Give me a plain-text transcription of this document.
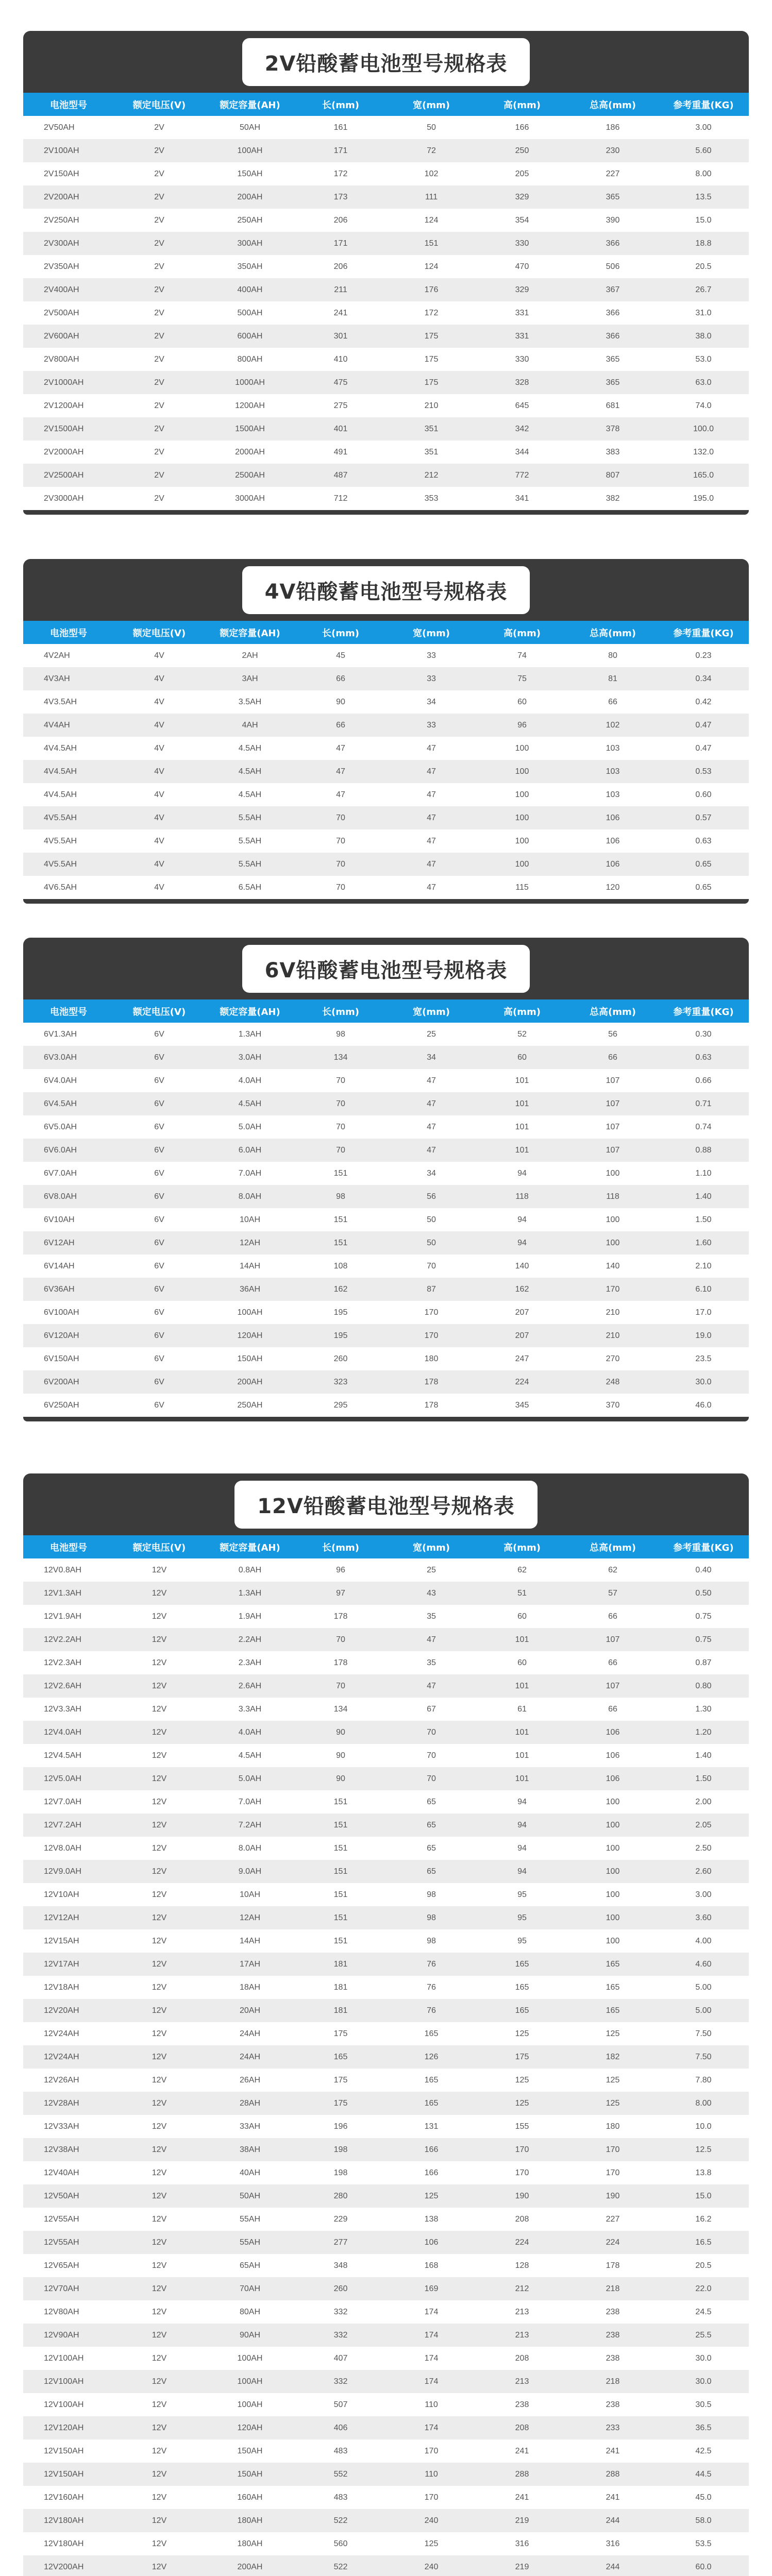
2V铅酸蓄电池型号规格表
电池型号	额定电压(V)	额定容量(AH)	长(mm)	宽(mm)	高(mm)	总高(mm)	参考重量(KG)
2V50AH	2V	50AH	161	50	166	186	3.00
2V100AH	2V	100AH	171	72	250	230	5.60
2V150AH	2V	150AH	172	102	205	227	8.00
2V200AH	2V	200AH	173	111	329	365	13.5
2V250AH	2V	250AH	206	124	354	390	15.0
2V300AH	2V	300AH	171	151	330	366	18.8
2V350AH	2V	350AH	206	124	470	506	20.5
2V400AH	2V	400AH	211	176	329	367	26.7
2V500AH	2V	500AH	241	172	331	366	31.0
2V600AH	2V	600AH	301	175	331	366	38.0
2V800AH	2V	800AH	410	175	330	365	53.0
2V1000AH	2V	1000AH	475	175	328	365	63.0
2V1200AH	2V	1200AH	275	210	645	681	74.0
2V1500AH	2V	1500AH	401	351	342	378	100.0
2V2000AH	2V	2000AH	491	351	344	383	132.0
2V2500AH	2V	2500AH	487	212	772	807	165.0
2V3000AH	2V	3000AH	712	353	341	382	195.0
4V铅酸蓄电池型号规格表
电池型号	额定电压(V)	额定容量(AH)	长(mm)	宽(mm)	高(mm)	总高(mm)	参考重量(KG)
4V2AH	4V	2AH	45	33	74	80	0.23
4V3AH	4V	3AH	66	33	75	81	0.34
4V3.5AH	4V	3.5AH	90	34	60	66	0.42
4V4AH	4V	4AH	66	33	96	102	0.47
4V4.5AH	4V	4.5AH	47	47	100	103	0.47
4V4.5AH	4V	4.5AH	47	47	100	103	0.53
4V4.5AH	4V	4.5AH	47	47	100	103	0.60
4V5.5AH	4V	5.5AH	70	47	100	106	0.57
4V5.5AH	4V	5.5AH	70	47	100	106	0.63
4V5.5AH	4V	5.5AH	70	47	100	106	0.65
4V6.5AH	4V	6.5AH	70	47	115	120	0.65
6V铅酸蓄电池型号规格表
电池型号	额定电压(V)	额定容量(AH)	长(mm)	宽(mm)	高(mm)	总高(mm)	参考重量(KG)
6V1.3AH	6V	1.3AH	98	25	52	56	0.30
6V3.0AH	6V	3.0AH	134	34	60	66	0.63
6V4.0AH	6V	4.0AH	70	47	101	107	0.66
6V4.5AH	6V	4.5AH	70	47	101	107	0.71
6V5.0AH	6V	5.0AH	70	47	101	107	0.74
6V6.0AH	6V	6.0AH	70	47	101	107	0.88
6V7.0AH	6V	7.0AH	151	34	94	100	1.10
6V8.0AH	6V	8.0AH	98	56	118	118	1.40
6V10AH	6V	10AH	151	50	94	100	1.50
6V12AH	6V	12AH	151	50	94	100	1.60
6V14AH	6V	14AH	108	70	140	140	2.10
6V36AH	6V	36AH	162	87	162	170	6.10
6V100AH	6V	100AH	195	170	207	210	17.0
6V120AH	6V	120AH	195	170	207	210	19.0
6V150AH	6V	150AH	260	180	247	270	23.5
6V200AH	6V	200AH	323	178	224	248	30.0
6V250AH	6V	250AH	295	178	345	370	46.0
12V铅酸蓄电池型号规格表
电池型号	额定电压(V)	额定容量(AH)	长(mm)	宽(mm)	高(mm)	总高(mm)	参考重量(KG)
12V0.8AH	12V	0.8AH	96	25	62	62	0.40
12V1.3AH	12V	1.3AH	97	43	51	57	0.50
12V1.9AH	12V	1.9AH	178	35	60	66	0.75
12V2.2AH	12V	2.2AH	70	47	101	107	0.75
12V2.3AH	12V	2.3AH	178	35	60	66	0.87
12V2.6AH	12V	2.6AH	70	47	101	107	0.80
12V3.3AH	12V	3.3AH	134	67	61	66	1.30
12V4.0AH	12V	4.0AH	90	70	101	106	1.20
12V4.5AH	12V	4.5AH	90	70	101	106	1.40
12V5.0AH	12V	5.0AH	90	70	101	106	1.50
12V7.0AH	12V	7.0AH	151	65	94	100	2.00
12V7.2AH	12V	7.2AH	151	65	94	100	2.05
12V8.0AH	12V	8.0AH	151	65	94	100	2.50
12V9.0AH	12V	9.0AH	151	65	94	100	2.60
12V10AH	12V	10AH	151	98	95	100	3.00
12V12AH	12V	12AH	151	98	95	100	3.60
12V15AH	12V	14AH	151	98	95	100	4.00
12V17AH	12V	17AH	181	76	165	165	4.60
12V18AH	12V	18AH	181	76	165	165	5.00
12V20AH	12V	20AH	181	76	165	165	5.00
12V24AH	12V	24AH	175	165	125	125	7.50
12V24AH	12V	24AH	165	126	175	182	7.50
12V26AH	12V	26AH	175	165	125	125	7.80
12V28AH	12V	28AH	175	165	125	125	8.00
12V33AH	12V	33AH	196	131	155	180	10.0
12V38AH	12V	38AH	198	166	170	170	12.5
12V40AH	12V	40AH	198	166	170	170	13.8
12V50AH	12V	50AH	280	125	190	190	15.0
12V55AH	12V	55AH	229	138	208	227	16.2
12V55AH	12V	55AH	277	106	224	224	16.5
12V65AH	12V	65AH	348	168	128	178	20.5
12V70AH	12V	70AH	260	169	212	218	22.0
12V80AH	12V	80AH	332	174	213	238	24.5
12V90AH	12V	90AH	332	174	213	238	25.5
12V100AH	12V	100AH	407	174	208	238	30.0
12V100AH	12V	100AH	332	174	213	218	30.0
12V100AH	12V	100AH	507	110	238	238	30.5
12V120AH	12V	120AH	406	174	208	233	36.5
12V150AH	12V	150AH	483	170	241	241	42.5
12V150AH	12V	150AH	552	110	288	288	44.5
12V160AH	12V	160AH	483	170	241	241	45.0
12V180AH	12V	180AH	522	240	219	244	58.0
12V180AH	12V	180AH	560	125	316	316	53.5
12V200AH	12V	200AH	522	240	219	244	60.0
